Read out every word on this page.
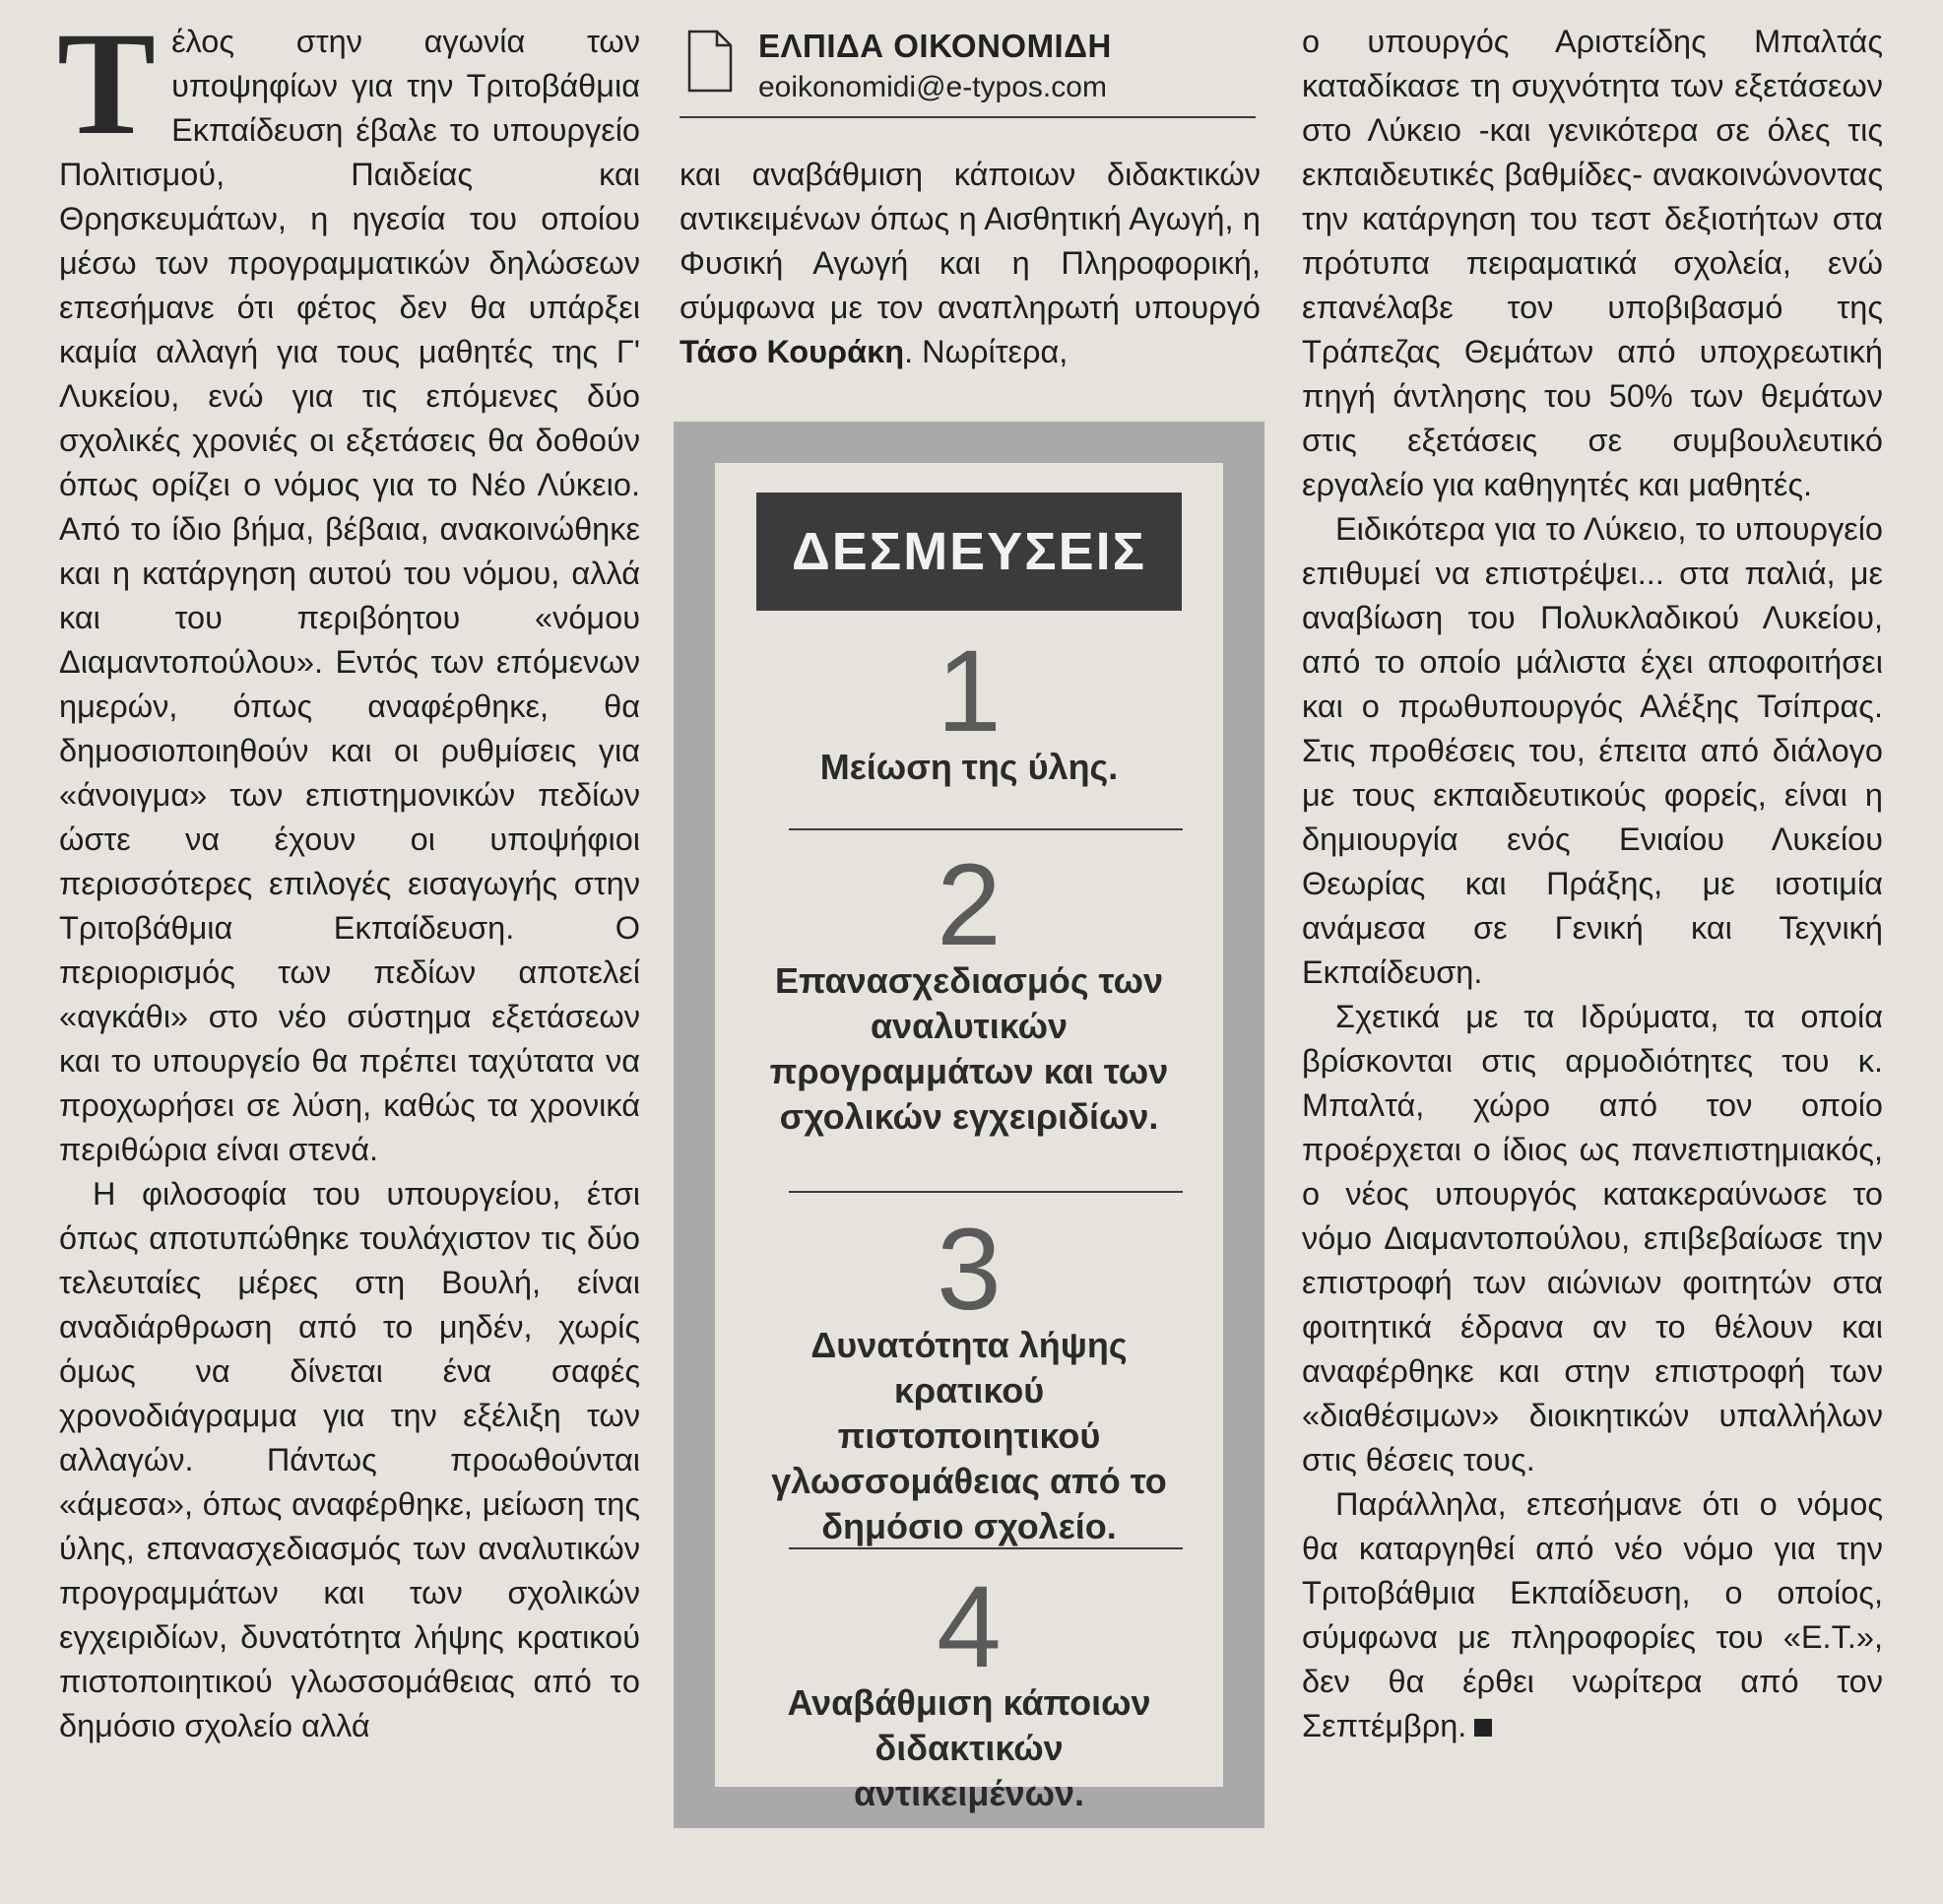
Τέλος στην αγωνία των υποψηφίων για την Τριτοβάθμια Εκπαίδευση έβαλε το υπουργείο Πολιτισμού, Παιδείας και Θρησκευμάτων, η ηγεσία του οποίου μέσω των προγραμματικών δηλώσεων επεσήμανε ότι φέτος δεν θα υπάρξει καμία αλλαγή για τους μαθητές της Γ' Λυκείου, ενώ για τις επόμενες δύο σχολικές χρονιές οι εξετάσεις θα δοθούν όπως ορίζει ο νόμος για το Νέο Λύκειο. Από το ίδιο βήμα, βέβαια, ανακοινώθηκε και η κατάργηση αυτού του νόμου, αλλά και του περιβόητου «νόμου Διαμαντοπούλου». Εντός των επόμενων ημερών, όπως αναφέρθηκε, θα δημοσιοποιηθούν και οι ρυθμίσεις για «άνοιγμα» των επιστημονικών πεδίων ώστε να έχουν οι υποψήφιοι περισσότερες επιλογές εισαγωγής στην Τριτοβάθμια Εκπαίδευση. Ο περιορισμός των πεδίων αποτελεί «αγκάθι» στο νέο σύστημα εξετάσεων και το υπουργείο θα πρέπει ταχύτατα να προχωρήσει σε λύση, καθώς τα χρονικά περιθώρια είναι στενά.

Η φιλοσοφία του υπουργείου, έτσι όπως αποτυπώθηκε τουλάχιστον τις δύο τελευταίες μέρες στη Βουλή, είναι αναδιάρθρωση από το μηδέν, χωρίς όμως να δίνεται ένα σαφές χρονοδιάγραμμα για την εξέλιξη των αλλαγών. Πάντως προωθούνται «άμεσα», όπως αναφέρθηκε, μείωση της ύλης, επανασχεδιασμός των αναλυτικών προγραμμάτων και των σχολικών εγχειριδίων, δυνατότητα λήψης κρατικού πιστοποιητικού γλωσσομάθειας από το δημόσιο σχολείο αλλά

ΕΛΠΙΔΑ ΟΙΚΟΝΟΜΙΔΗ
eoikonomidi@e-typos.com

και αναβάθμιση κάποιων διδακτικών αντικειμένων όπως η Αισθητική Αγωγή, η Φυσική Αγωγή και η Πληροφορική, σύμφωνα με τον αναπληρωτή υπουργό Τάσο Κουράκη. Νωρίτερα,

ΔΕΣΜΕΥΣΕΙΣ
1
Μείωση της ύλης.
2
Επανασχεδιασμός των αναλυτικών προγραμμάτων και των σχολικών εγχειριδίων.
3
Δυνατότητα λήψης κρατικού πιστοποιητικού γλωσσομάθειας από το δημόσιο σχολείο.
4
Αναβάθμιση κάποιων διδακτικών αντικειμένων.

ο υπουργός Αριστείδης Μπαλτάς καταδίκασε τη συχνότητα των εξετάσεων στο Λύκειο -και γενικότερα σε όλες τις εκπαιδευτικές βαθμίδες- ανακοινώνοντας την κατάργηση του τεστ δεξιοτήτων στα πρότυπα πειραματικά σχολεία, ενώ επανέλαβε τον υποβιβασμό της Τράπεζας Θεμάτων από υποχρεωτική πηγή άντλησης του 50% των θεμάτων στις εξετάσεις σε συμβουλευτικό εργαλείο για καθηγητές και μαθητές.

Ειδικότερα για το Λύκειο, το υπουργείο επιθυμεί να επιστρέψει... στα παλιά, με αναβίωση του Πολυκλαδικού Λυκείου, από το οποίο μάλιστα έχει αποφοιτήσει και ο πρωθυπουργός Αλέξης Τσίπρας. Στις προθέσεις του, έπειτα από διάλογο με τους εκπαιδευτικούς φορείς, είναι η δημιουργία ενός Ενιαίου Λυκείου Θεωρίας και Πράξης, με ισοτιμία ανάμεσα σε Γενική και Τεχνική Εκπαίδευση.

Σχετικά με τα Ιδρύματα, τα οποία βρίσκονται στις αρμοδιότητες του κ. Μπαλτά, χώρο από τον οποίο προέρχεται ο ίδιος ως πανεπιστημιακός, ο νέος υπουργός κατακεραύνωσε το νόμο Διαμαντοπούλου, επιβεβαίωσε την επιστροφή των αιώνιων φοιτητών στα φοιτητικά έδρανα αν το θέλουν και αναφέρθηκε και στην επιστροφή των «διαθέσιμων» διοικητικών υπαλλήλων στις θέσεις τους.

Παράλληλα, επεσήμανε ότι ο νόμος θα καταργηθεί από νέο νόμο για την Τριτοβάθμια Εκπαίδευση, ο οποίος, σύμφωνα με πληροφορίες του «Ε.Τ.», δεν θα έρθει νωρίτερα από τον Σεπτέμβρη.
